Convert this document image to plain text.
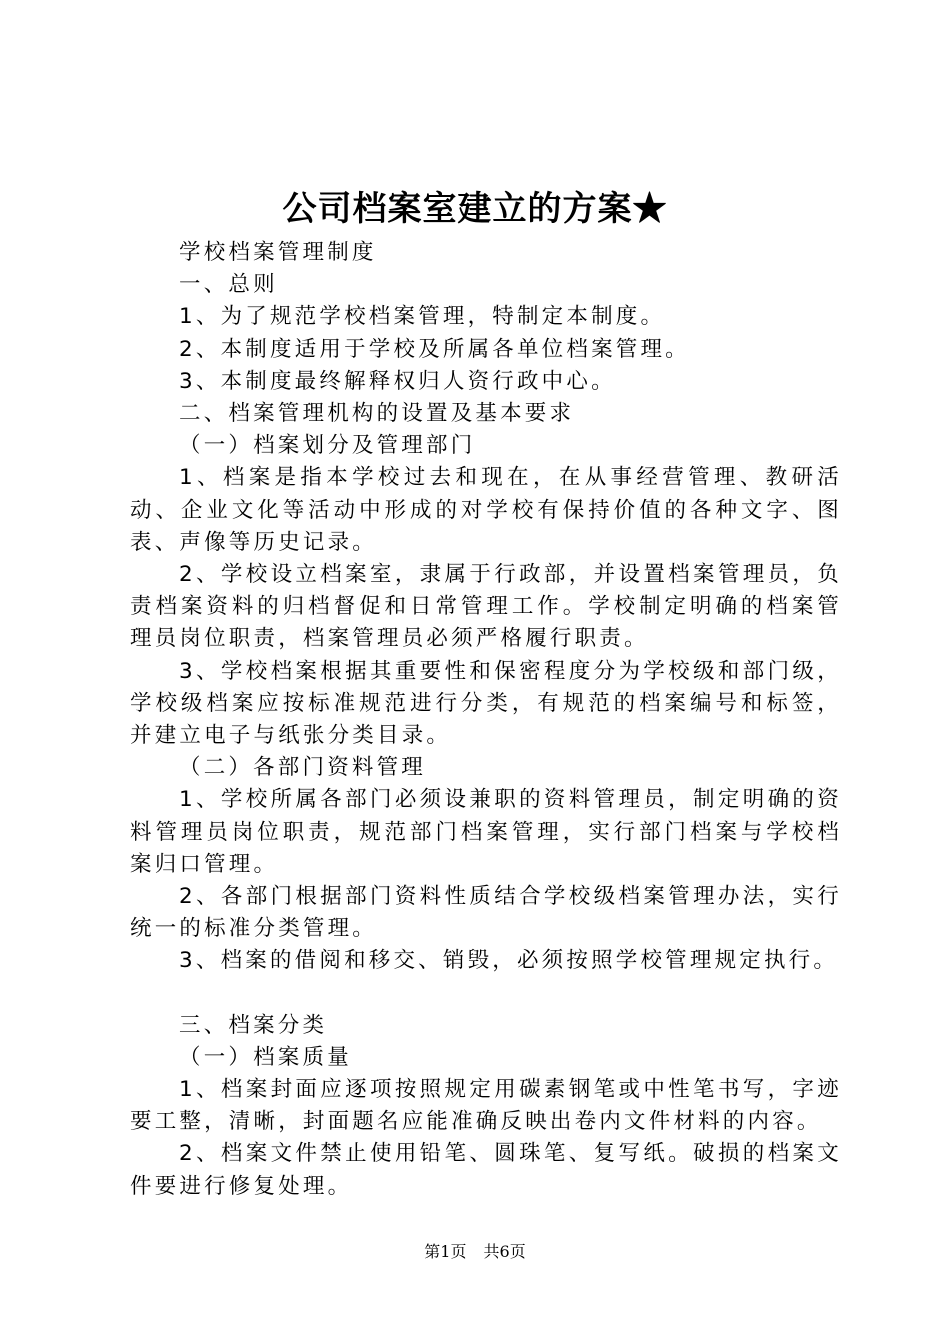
公司档案室建立的方案★

学校档案管理制度

一、总则

1、为了规范学校档案管理，特制定本制度。

2、本制度适用于学校及所属各单位档案管理。

3、本制度最终解释权归人资行政中心。

二、档案管理机构的设置及基本要求

（一）档案划分及管理部门

1、档案是指本学校过去和现在，在从事经营管理、教研活动、企业文化等活动中形成的对学校有保持价值的各种文字、图表、声像等历史记录。

2、学校设立档案室，隶属于行政部，并设置档案管理员，负责档案资料的归档督促和日常管理工作。学校制定明确的档案管理员岗位职责，档案管理员必须严格履行职责。

3、学校档案根据其重要性和保密程度分为学校级和部门级，学校级档案应按标准规范进行分类，有规范的档案编号和标签，并建立电子与纸张分类目录。

（二）各部门资料管理

1、学校所属各部门必须设兼职的资料管理员，制定明确的资料管理员岗位职责，规范部门档案管理，实行部门档案与学校档案归口管理。

2、各部门根据部门资料性质结合学校级档案管理办法，实行统一的标准分类管理。

3、档案的借阅和移交、销毁，必须按照学校管理规定执行。

三、档案分类

（一）档案质量

1、档案封面应逐项按照规定用碳素钢笔或中性笔书写，字迹要工整，清晰，封面题名应能准确反映出卷内文件材料的内容。

2、档案文件禁止使用铅笔、圆珠笔、复写纸。破损的档案文件要进行修复处理。

第1页 共6页
